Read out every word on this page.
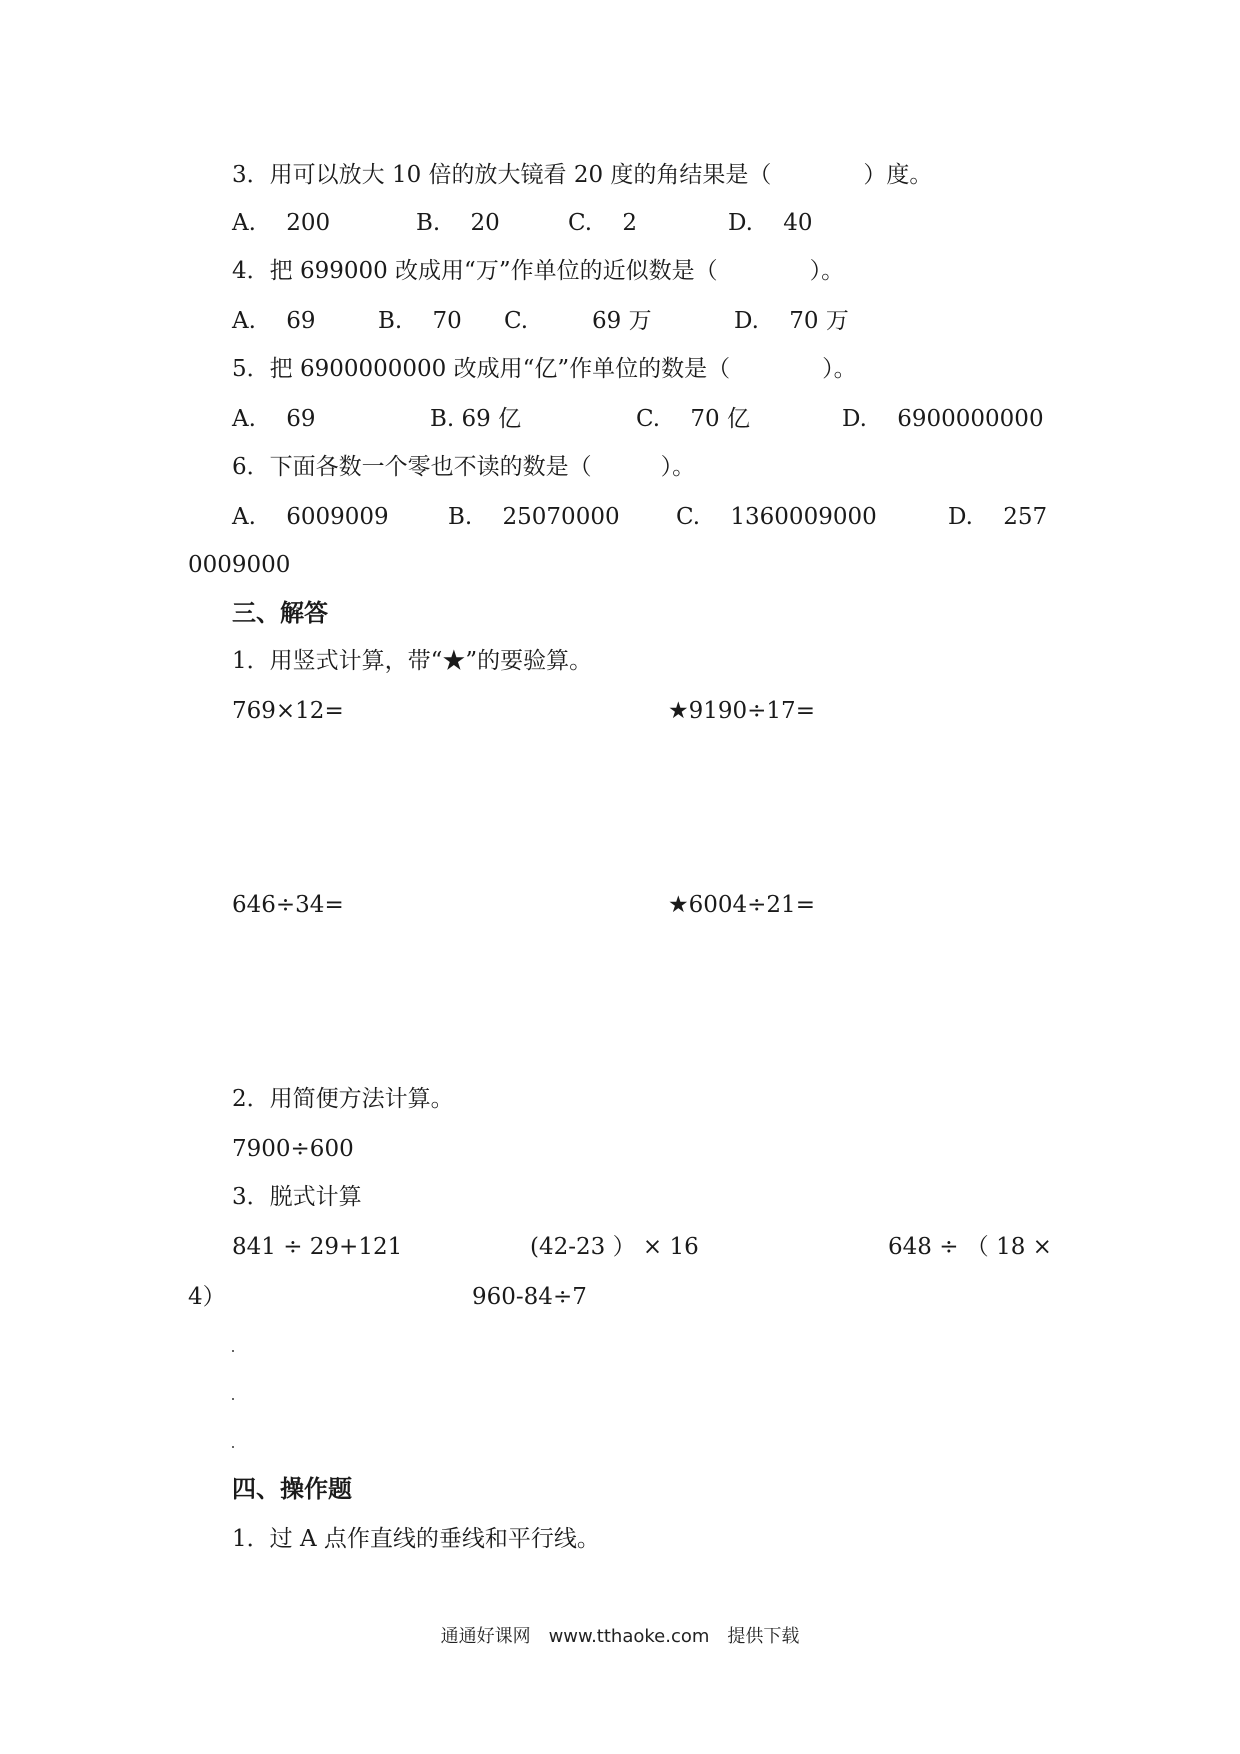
3．用可以放大 10 倍的放大镜看 20 度的角结果是（　　　　）度。
A.　 200	B.　 20	C.　 2	D.　 40
4．把 699000 改成用“万”作单位的近似数是（　　　　）。
A.　 69	B.　 70 C.	69 万	D.　 70 万
5．把 6900000000 改成用“亿”作单位的数是（　　　　）。
A.　 69	B. 69 亿	C.　 70 亿	D.　 6900000000
6．下面各数一个零也不读的数是（　　　）。
A.　 6009009	B.　 25070000 C.　 1360009000	D.　 257
0009000
三、解答
1．用竖式计算，带“★”的要验算。
769×12=	★9190÷17=
646÷34=	★6004÷21=
2．用简便方法计算。
7900÷600
3．脱式计算
841 ÷ 29+121	(42-23 ） × 16	648 ÷ （ 18 ×
4）	960-84÷7
四、操作题
1．过 A 点作直线的垂线和平行线。
通通好课网　www.tthaoke.com　提供下载
